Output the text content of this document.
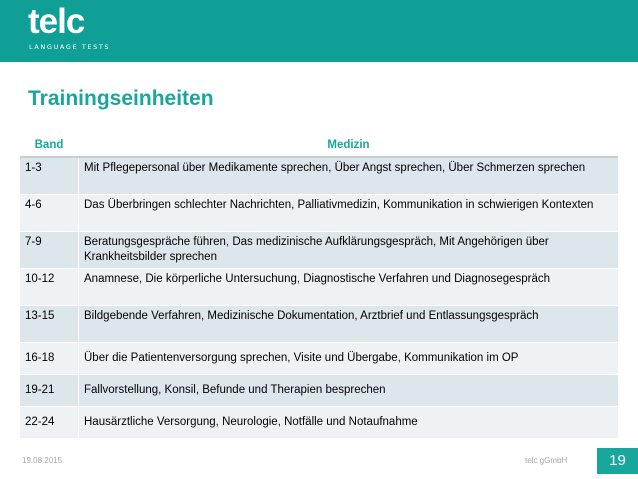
telc
LANGUAGE TESTS
Trainingseinheiten
Band	Medizin
1-3	Mit Pflegepersonal über Medikamente sprechen, Über Angst sprechen, Über Schmerzen sprechen
4-6	Das Überbringen schlechter Nachrichten, Palliativmedizin, Kommunikation in schwierigen Kontexten
7-9	Beratungsgespräche führen, Das medizinische Aufklärungsgespräch, Mit Angehörigen über Krankheitsbilder sprechen
10-12	Anamnese, Die körperliche Untersuchung, Diagnostische Verfahren und Diagnosegespräch
13-15	Bildgebende Verfahren, Medizinische Dokumentation, Arztbrief und Entlassungsgespräch
16-18	Über die Patientenversorgung sprechen, Visite und Übergabe, Kommunikation im OP
19-21	Fallvorstellung, Konsil, Befunde und Therapien besprechen
22-24	Hausärztliche Versorgung, Neurologie, Notfälle und Notaufnahme
19.08.2015	telc gGmbH	19
